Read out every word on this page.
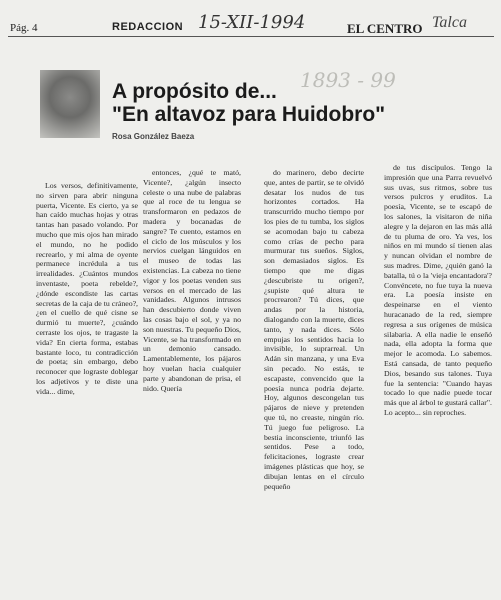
Pág. 4	REDACCION 15-XII-1994	EL CENTRO Talca
1893 - 99
A propósito de...
"En altavoz para Huidobro"
Rosa González Baeza

Los versos, definitivamente, no sirven para abrir ninguna puerta, Vicente. Es cierto, ya se han caído muchas hojas y otras tantas han pasado volando. Por mucho que mis ojos han mirado el mundo, no he podido recrearlo, y mi alma de oyente permanece incrédula a tus irrealidades. ¿Cuántos mundos inventaste, poeta rebelde?, ¿dónde escondiste las cartas secretas de la caja de tu cráneo?, ¿en el cuello de qué cisne se durmió tu muerte?, ¿cuándo cerraste los ojos, te tragaste la vida? En cierta forma, estabas bastante loco, tu contradicción de poeta; sin embargo, debo reconocer que lograste doblegar los adjetivos y te diste una vida... dime,

entonces, ¿qué te mató, Vicente?, ¿algún insecto celeste o una nube de palabras que al roce de tu lengua se transformaron en pedazos de madera y bocanadas de sangre? Te cuento, estamos en el ciclo de los músculos y los nervios cuelgan lánguidos en el museo de todas las existencias. La cabeza no tiene vigor y los poetas venden sus versos en el mercado de las vanidades. Algunos intrusos han descubierto donde viven las cosas bajo el sol, y ya no son nuestras. Tu pequeño Dios, Vicente, se ha transformado en un demonio cansado. Lamentablemente, los pájaros hoy vuelan hacia cualquier parte y abandonan de prisa, el nido. Quería

do marinero, debo decirte que, antes de partir, se te olvidó desatar los nudos de tus horizontes cortados. Ha transcurrido mucho tiempo por los pies de tu tumba, los siglos se acomodan bajo tu cabeza como crías de pecho para murmurar tus sueños. Siglos, son demasiados siglos. Es tiempo que me digas ¿descubriste tu origen?, ¿supiste qué altura te procrearon? Tú dices, que andas por la historia, dialogando con la muerte, dices tanto, y nada dices. Sólo empujas los sentidos hacia lo invisible, lo suprarreal. Un Adán sin manzana, y una Eva sin pecado. No estás, te escapaste, convencido que la poesía nunca podría dejarte. Hoy, algunos descongelan tus pájaros de nieve y pretenden que tú, no creaste, ningún río. Tú juego fue peligroso. La bestia inconsciente, triunfó las sentidos. Pese a todo, felicitaciones, lograste crear imágenes plásticas que hoy, se dibujan lentas en el círculo pequeño

de tus discípulos. Tengo la impresión que una Parra revuelvó sus uvas, sus ritmos, sobre tus versos pulcros y eruditos. La poesía, Vicente, se te escapó de los salones, la visitaron de niña alegre y la dejaron en las más allá de tu pluma de oro. Ya ves, los niños en mi mundo sí tienen alas y nuncan olvidan el nombre de sus madres. Dime, ¿quién ganó la batalla, tú o la 'vieja encantadora'? Convéncete, no fue tuya la nueva era. La poesía insiste en despeinarse en el viento huracanado de la red, siempre regresa a sus orígenes de música silabaria. A ella nadie le enseñó nada, ella adopta la forma que mejor le acomoda. Lo sabemos. Está cansada, de tanto pequeño Dios, besando sus talones. Tuya fue la sentencia: "Cuando hayas tocado lo que nadie puede tocar más que al árbol te gustará callar". Lo acepto... sin reproches.
